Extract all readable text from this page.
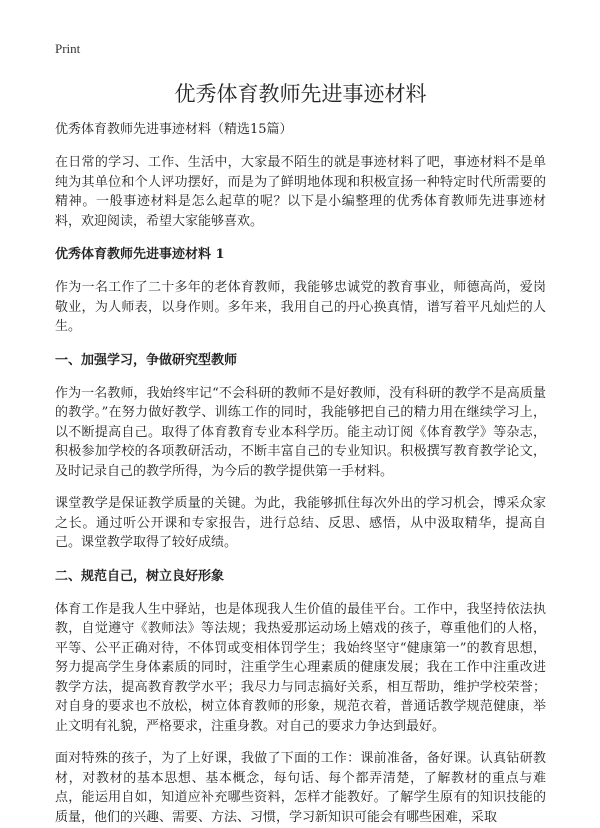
Print
优秀体育教师先进事迹材料
优秀体育教师先进事迹材料（精选15篇）

在日常的学习、工作、生活中，大家最不陌生的就是事迹材料了吧，事迹材料不是单纯为其单位和个人评功摆好，而是为了鲜明地体现和积极宣扬一种特定时代所需要的精神。一般事迹材料是怎么起草的呢？以下是小编整理的优秀体育教师先进事迹材料，欢迎阅读，希望大家能够喜欢。

优秀体育教师先进事迹材料 1

作为一名工作了二十多年的老体育教师，我能够忠诚党的教育事业，师德高尚，爱岗敬业，为人师表，以身作则。多年来，我用自己的丹心换真情，谱写着平凡灿烂的人生。

一、加强学习，争做研究型教师

作为一名教师，我始终牢记“不会科研的教师不是好教师，没有科研的教学不是高质量的教学。”在努力做好教学、训练工作的同时，我能够把自己的精力用在继续学习上，以不断提高自己。取得了体育教育专业本科学历。能主动订阅《体育教学》等杂志，积极参加学校的各项教研活动，不断丰富自己的专业知识。积极撰写教育教学论文，及时记录自己的教学所得，为今后的教学提供第一手材料。

课堂教学是保证教学质量的关键。为此，我能够抓住每次外出的学习机会，博采众家之长。通过听公开课和专家报告，进行总结、反思、感悟，从中汲取精华，提高自己。课堂教学取得了较好成绩。

二、规范自己，树立良好形象

体育工作是我人生中驿站，也是体现我人生价值的最佳平台。工作中，我坚持依法执教，自觉遵守《教师法》等法规；我热爱那运动场上嬉戏的孩子，尊重他们的人格，平等、公平正确对待，不体罚或变相体罚学生；我始终坚守“健康第一”的教育思想，努力提高学生身体素质的同时，注重学生心理素质的健康发展；我在工作中注重改进教学方法，提高教育教学水平；我尽力与同志搞好关系，相互帮助，维护学校荣誉；对自身的要求也不放松，树立体育教师的形象，规范衣着，普通话教学规范健康，举止文明有礼貌，严格要求，注重身教。对自己的要求力争达到最好。

面对特殊的孩子，为了上好课，我做了下面的工作：课前准备，备好课。认真钻研教材，对教材的基本思想、基本概念，每句话、每个都弄清楚，了解教材的重点与难点，能运用自如，知道应补充哪些资料，怎样才能教好。了解学生原有的知识技能的质量，他们的兴趣、需要、方法、习惯，学习新知识可能会有哪些困难，采取
